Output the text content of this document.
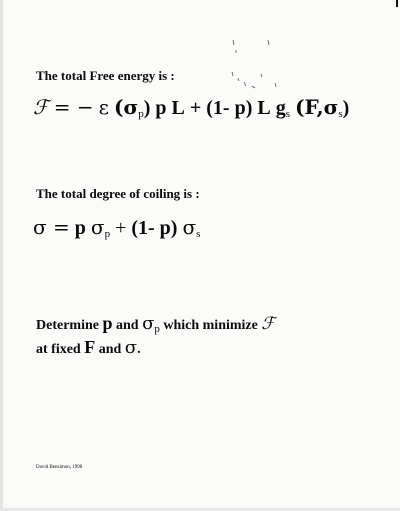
The total Free energy is :
ℱ = − ε (σp) p L + (1- p) L gs (F,σs)
The total degree of coiling is :
σ = p σp + (1- p) σs
Determine p and $\sigma_p$ which minimize ℱ
at fixed F and σ.
David Bensimon, 1998
